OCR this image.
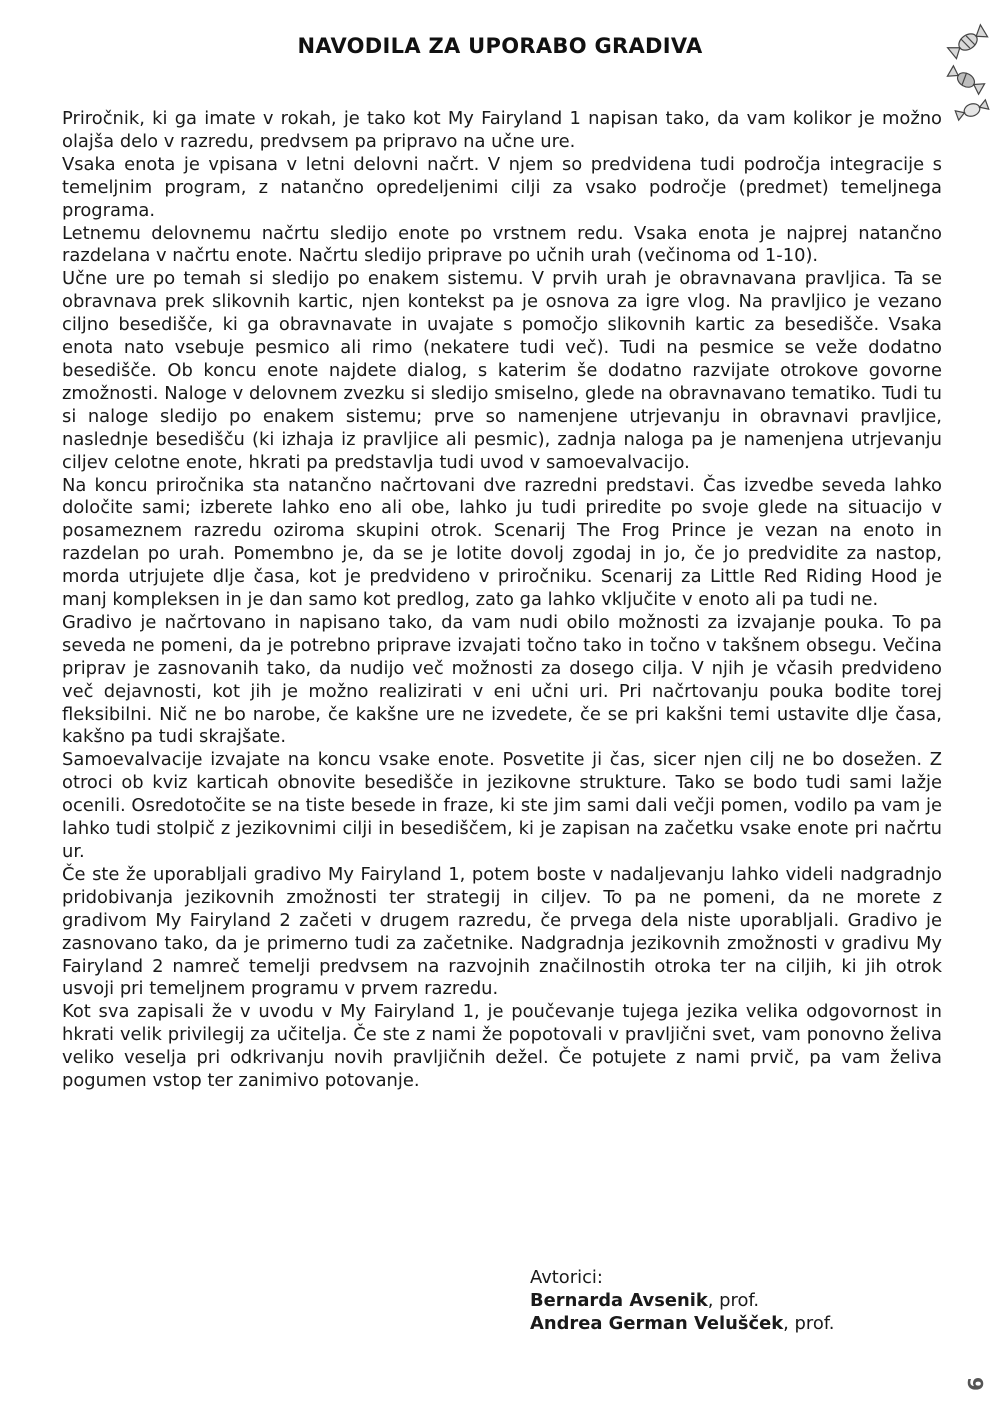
NAVODILA ZA UPORABO GRADIVA

Priročnik, ki ga imate v rokah, je tako kot My Fairyland 1 napisan tako, da vam kolikor je možno olajša delo v razredu, predvsem pa pripravo na učne ure.

Vsaka enota je vpisana v letni delovni načrt. V njem so predvidena tudi področja integracije s temeljnim program, z natančno opredeljenimi cilji za vsako področje (predmet) temeljnega programa.

Letnemu delovnemu načrtu sledijo enote po vrstnem redu. Vsaka enota je najprej natančno razdelana v načrtu enote. Načrtu sledijo priprave po učnih urah (večinoma od 1-10).

Učne ure po temah si sledijo po enakem sistemu. V prvih urah je obravnavana pravljica. Ta se obravnava prek slikovnih kartic, njen kontekst pa je osnova za igre vlog. Na pravljico je vezano ciljno besedišče, ki ga obravnavate in uvajate s pomočjo slikovnih kartic za besedišče. Vsaka enota nato vsebuje pesmico ali rimo (nekatere tudi več). Tudi na pesmice se veže dodatno besedišče. Ob koncu enote najdete dialog, s katerim še dodatno razvijate otrokove govorne zmožnosti. Naloge v delovnem zvezku si sledijo smiselno, glede na obravnavano tematiko. Tudi tu si naloge sledijo po enakem sistemu; prve so namenjene utrjevanju in obravnavi pravljice, naslednje besedišču (ki izhaja iz pravljice ali pesmic), zadnja naloga pa je namenjena utrjevanju ciljev celotne enote, hkrati pa predstavlja tudi uvod v samoevalvacijo.

Na koncu priročnika sta natančno načrtovani dve razredni predstavi. Čas izvedbe seveda lahko določite sami; izberete lahko eno ali obe, lahko ju tudi priredite po svoje glede na situacijo v posameznem razredu oziroma skupini otrok. Scenarij The Frog Prince je vezan na enoto in razdelan po urah. Pomembno je, da se je lotite dovolj zgodaj in jo, če jo predvidite za nastop, morda utrjujete dlje časa, kot je predvideno v priročniku. Scenarij za Little Red Riding Hood je manj kompleksen in je dan samo kot predlog, zato ga lahko vključite v enoto ali pa tudi ne.

Gradivo je načrtovano in napisano tako, da vam nudi obilo možnosti za izvajanje pouka. To pa seveda ne pomeni, da je potrebno priprave izvajati točno tako in točno v takšnem obsegu. Večina priprav je zasnovanih tako, da nudijo več možnosti za dosego cilja. V njih je včasih predvideno več dejavnosti, kot jih je možno realizirati v eni učni uri. Pri načrtovanju pouka bodite torej fleksibilni. Nič ne bo narobe, če kakšne ure ne izvedete, če se pri kakšni temi ustavite dlje časa, kakšno pa tudi skrajšate.

Samoevalvacije izvajate na koncu vsake enote. Posvetite ji čas, sicer njen cilj ne bo dosežen. Z otroci ob kviz karticah obnovite besedišče in jezikovne strukture. Tako se bodo tudi sami lažje ocenili. Osredotočite se na tiste besede in fraze, ki ste jim sami dali večji pomen, vodilo pa vam je lahko tudi stolpič z jezikovnimi cilji in besediščem, ki je zapisan na začetku vsake enote pri načrtu ur.

Če ste že uporabljali gradivo My Fairyland 1, potem boste v nadaljevanju lahko videli nadgradnjo pridobivanja jezikovnih zmožnosti ter strategij in ciljev. To pa ne pomeni, da ne morete z gradivom My Fairyland 2 začeti v drugem razredu, če prvega dela niste uporabljali. Gradivo je zasnovano tako, da je primerno tudi za začetnike. Nadgradnja jezikovnih zmožnosti v gradivu My Fairyland 2 namreč temelji predvsem na razvojnih značilnostih otroka ter na ciljih, ki jih otrok usvoji pri temeljnem programu v prvem razredu.

Kot sva zapisali že v uvodu v My Fairyland 1, je poučevanje tujega jezika velika odgovornost in hkrati velik privilegij za učitelja. Če ste z nami že popotovali v pravljični svet, vam ponovno želiva veliko veselja pri odkrivanju novih pravljičnih dežel. Če potujete z nami prvič, pa vam želiva pogumen vstop ter zanimivo potovanje.

Avtorici:
Bernarda Avsenik, prof.
Andrea German Velušček, prof.
9
